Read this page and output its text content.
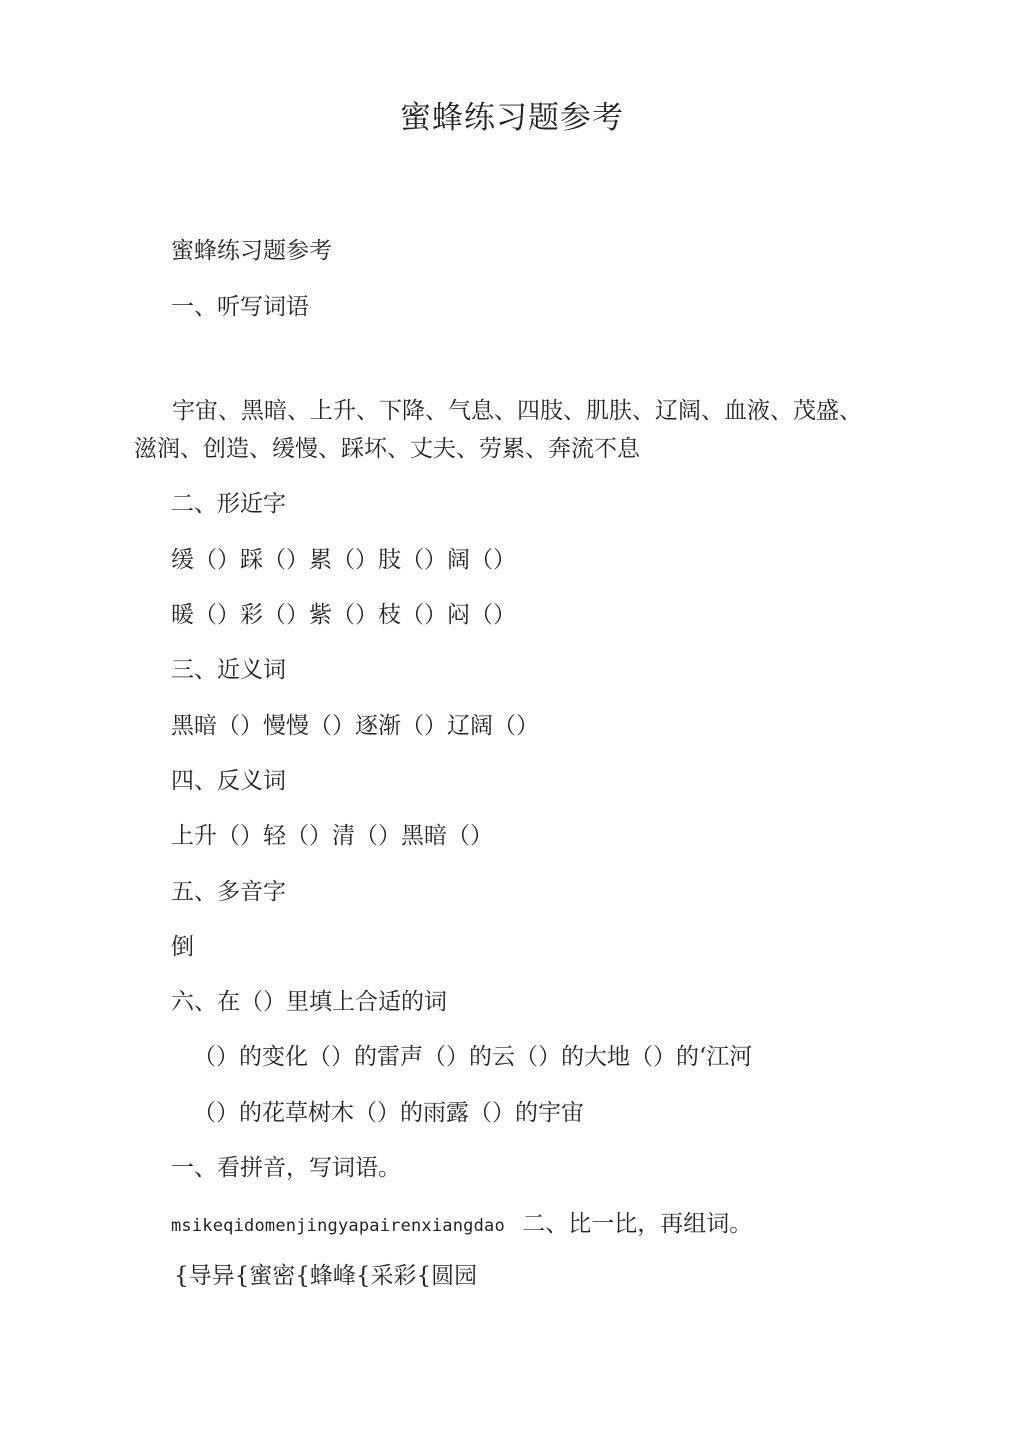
蜜蜂练习题参考
蜜蜂练习题参考
一、听写词语

宇宙、黑暗、上升、下降、气息、四肢、肌肤、辽阔、血液、茂盛、滋润、创造、缓慢、踩坏、丈夫、劳累、奔流不息

二、形近字
缓（）踩（）累（）肢（）阔（）
暖（）彩（）紫（）枝（）闷（）
三、近义词
黑暗（）慢慢（）逐渐（）辽阔（）
四、反义词
上升（）轻（）清（）黑暗（）
五、多音字
倒
六、在（）里填上合适的词
（）的变化（）的雷声（）的云（）的大地（）的‘江河
（）的花草树木（）的雨露（）的宇宙
一、看拼音，写词语。
msikeqidomenjingyapairenxiangdao 二、比一比，再组词。
{导异{蜜密{蜂峰{采彩{圆园
